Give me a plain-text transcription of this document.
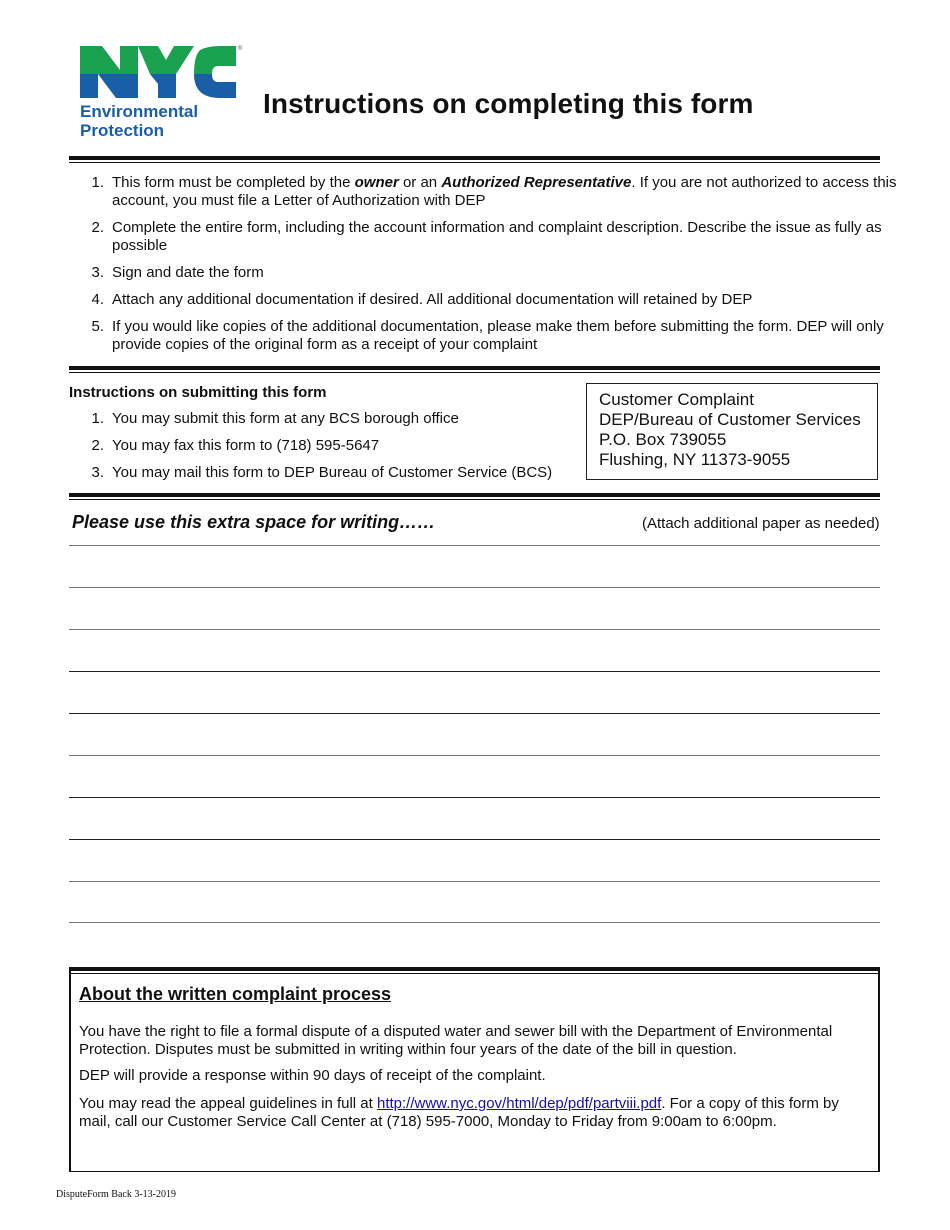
®
NYC
Environmental
Protection
Instructions on completing this form
1. This form must be completed by the owner or an Authorized Representative. If you are not authorized to access this account, you must file a Letter of Authorization with DEP
2. Complete the entire form, including the account information and complaint description. Describe the issue as fully as possible
3. Sign and date the form
4. Attach any additional documentation if desired. All additional documentation will retained by DEP
5. If you would like copies of the additional documentation, please make them before submitting the form. DEP will only provide copies of the original form as a receipt of your complaint
Instructions on submitting this form
1. You may submit this form at any BCS borough office
2. You may fax this form to (718) 595-5647
3. You may mail this form to DEP Bureau of Customer Service (BCS)
Customer Complaint
DEP/Bureau of Customer Services
P.O. Box 739055
Flushing, NY 11373-9055
Please use this extra space for writing……	(Attach additional paper as needed)
About the written complaint process
You have the right to file a formal dispute of a disputed water and sewer bill with the Department of Environmental Protection. Disputes must be submitted in writing within four years of the date of the bill in question.
DEP will provide a response within 90 days of receipt of the complaint.
You may read the appeal guidelines in full at http://www.nyc.gov/html/dep/pdf/partviii.pdf. For a copy of this form by mail, call our Customer Service Call Center at (718) 595-7000, Monday to Friday from 9:00am to 6:00pm.
DisputeForm Back 3-13-2019
